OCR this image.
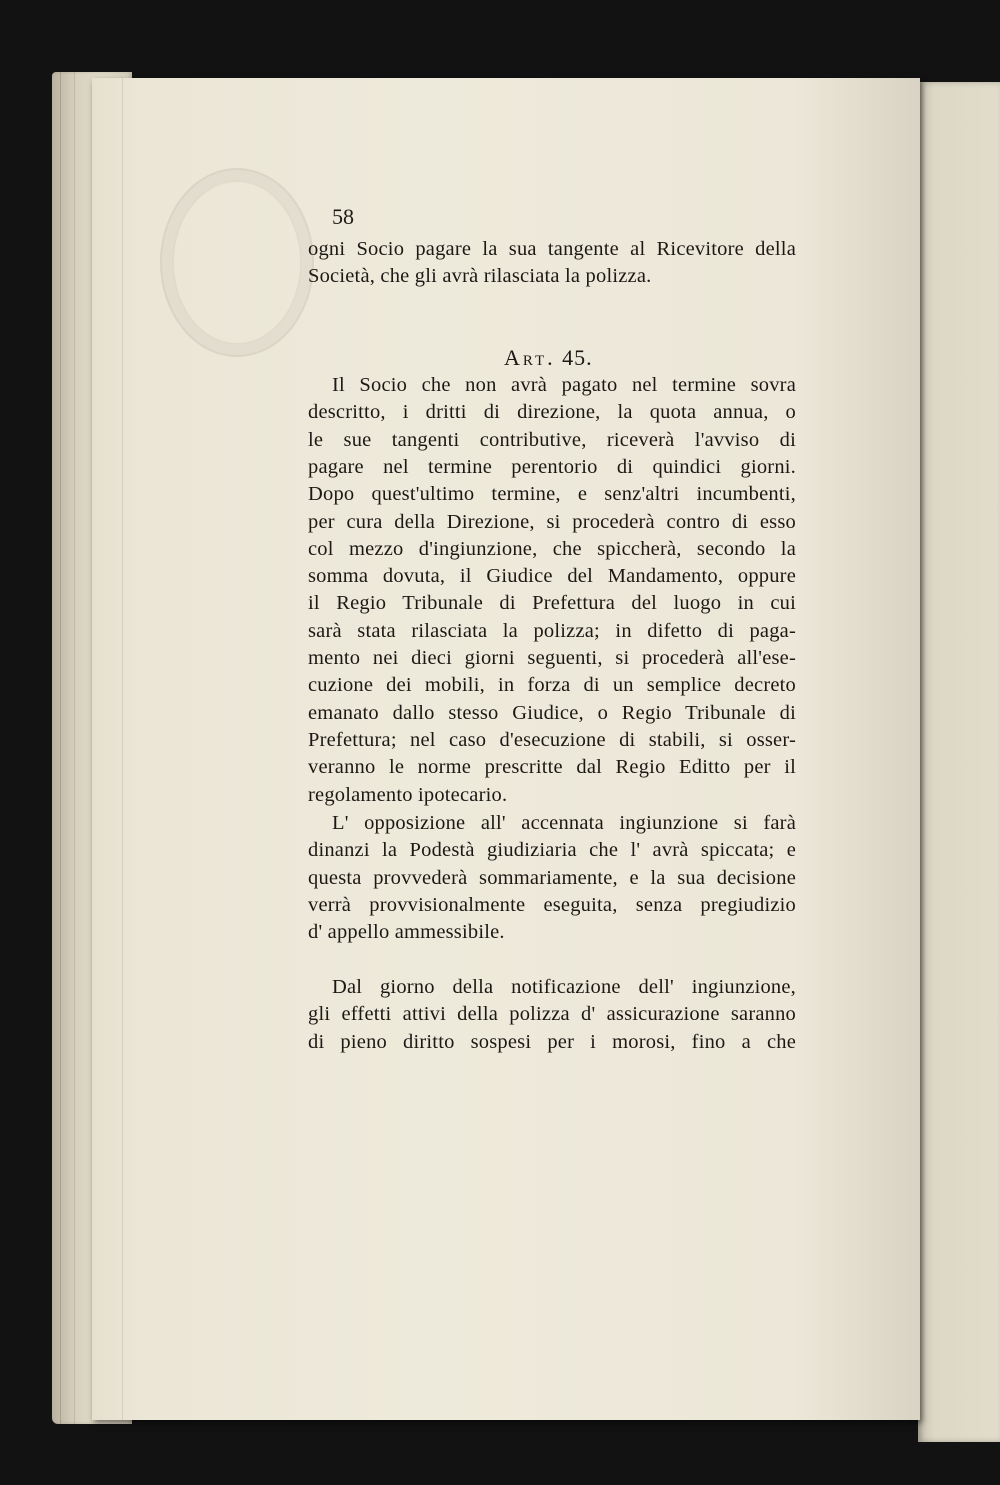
58
ogni Socio pagare la sua tangente al Ricevitore della
Società, che gli avrà rilasciata la polizza.
Il Socio che non avrà pagato nel termine sovra
descritto, i dritti di direzione, la quota annua, o
le sue tangenti contributive, riceverà l'avviso di
pagare nel termine perentorio di quindici giorni.
Dopo quest'ultimo termine, e senz'altri incumbenti,
per cura della Direzione, si procederà contro di esso
col mezzo d'ingiunzione, che spiccherà, secondo la
somma dovuta, il Giudice del Mandamento, oppure
il Regio Tribunale di Prefettura del luogo in cui
sarà stata rilasciata la polizza; in difetto di paga-
mento nei dieci giorni seguenti, si procederà all'ese-
cuzione dei mobili, in forza di un semplice decreto
emanato dallo stesso Giudice, o Regio Tribunale di
Prefettura; nel caso d'esecuzione di stabili, si osser-
veranno le norme prescritte dal Regio Editto per il
regolamento ipotecario.
L' opposizione all' accennata ingiunzione si farà
dinanzi la Podestà giudiziaria che l' avrà spiccata; e
questa provvederà sommariamente, e la sua decisione
verrà provvisionalmente eseguita, senza pregiudizio
d' appello ammessibile.
Dal giorno della notificazione dell' ingiunzione,
gli effetti attivi della polizza d' assicurazione saranno
di pieno diritto sospesi per i morosi, fino a che
Art. 45.
